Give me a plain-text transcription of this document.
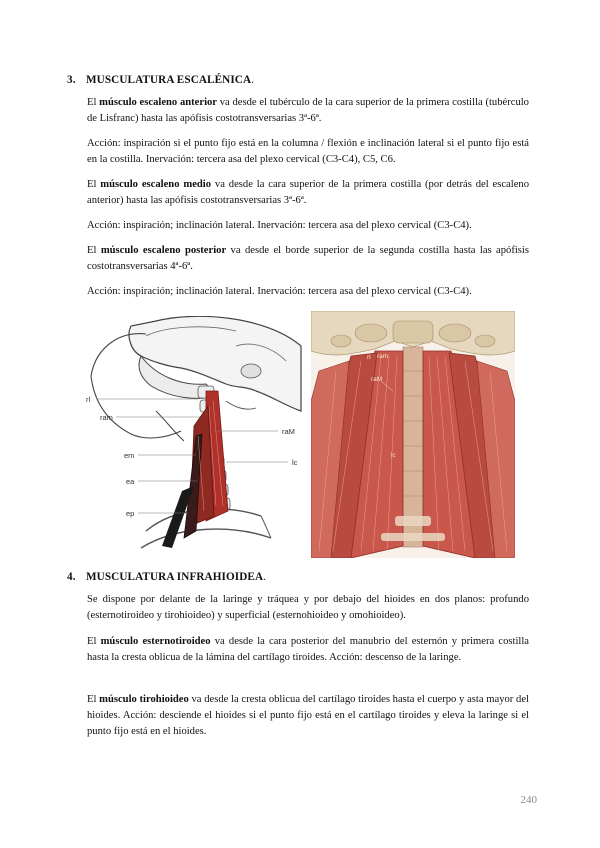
3. MUSCULATURA ESCALÉNICA.
El músculo escaleno anterior va desde el tubérculo de la cara superior de la primera costilla (tubérculo de Lisfranc) hasta las apófisis costotransversarias 3ª-6ª.
Acción: inspiración si el punto fijo está en la columna / flexión e inclinación lateral si el punto fijo está en la costilla. Inervación: tercera asa del plexo cervical (C3-C4), C5, C6.
El músculo escaleno medio va desde la cara superior de la primera costilla (por detrás del escaleno anterior) hasta las apófisis costotransversarias 3ª-6ª.
Acción: inspiración; inclinación lateral. Inervación: tercera asa del plexo cervical (C3-C4).
El músculo escaleno posterior va desde el borde superior de la segunda costilla hasta las apófisis costotransversarias 4ª-6ª.
Acción: inspiración; inclinación lateral. Inervación: tercera asa del plexo cervical (C3-C4).
rl
ram
raM
em
lc
ea
ep
rl ram
raM
lc
4. MUSCULATURA INFRAHIOIDEA.
Se dispone por delante de la laringe y tráquea y por debajo del hioides en dos planos: profundo (esternotiroideo y tirohioideo) y superficial (esternohioideo y omohioideo).
El músculo esternotiroideo va desde la cara posterior del manubrio del esternón y primera costilla hasta la cresta oblicua de la lámina del cartílago tiroides. Acción: descenso de la laringe.
El músculo tirohioideo va desde la cresta oblicua del cartílago tiroides hasta el cuerpo y asta mayor del hioides. Acción: desciende el hioides si el punto fijo está en el cartílago tiroides y eleva la laringe si el punto fijo está en el hioides.
240
